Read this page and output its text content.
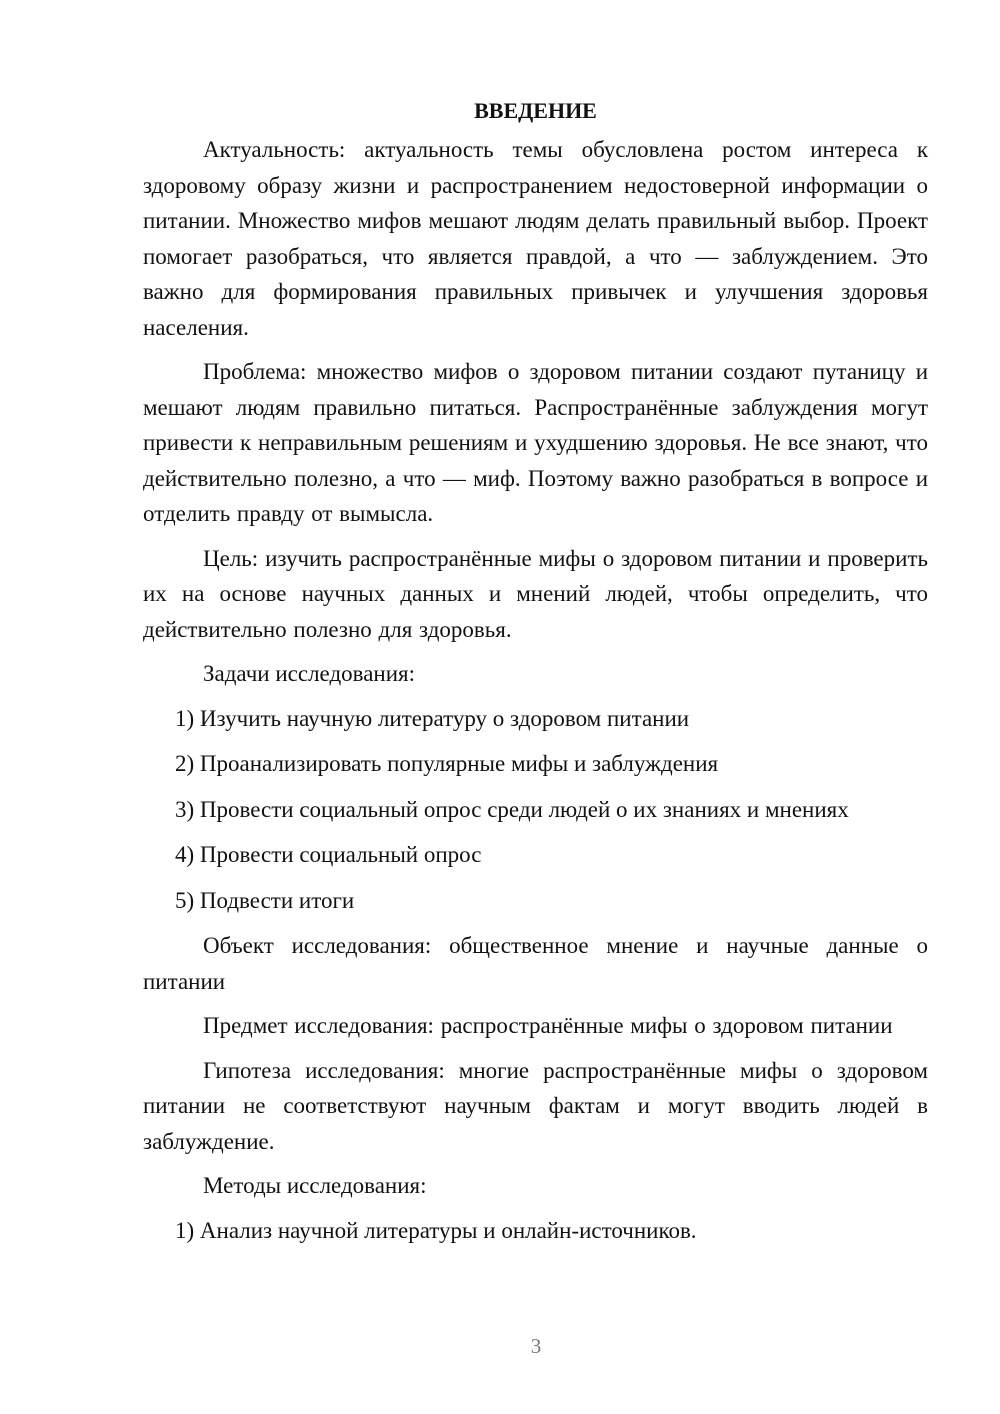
ВВЕДЕНИЕ

Актуальность: актуальность темы обусловлена ростом интереса к здоровому образу жизни и распространением недостоверной информации о питании. Множество мифов мешают людям делать правильный выбор. Проект помогает разобраться, что является правдой, а что — заблуждением. Это важно для формирования правильных привычек и улучшения здоровья населения.

Проблема: множество мифов о здоровом питании создают путаницу и мешают людям правильно питаться. Распространённые заблуждения могут привести к неправильным решениям и ухудшению здоровья. Не все знают, что действительно полезно, а что — миф. Поэтому важно разобраться в вопросе и отделить правду от вымысла.

Цель: изучить распространённые мифы о здоровом питании и проверить их на основе научных данных и мнений людей, чтобы определить, что действительно полезно для здоровья.

Задачи исследования:

1) Изучить научную литературу о здоровом питании
2) Проанализировать популярные мифы и заблуждения
3) Провести социальный опрос среди людей о их знаниях и мнениях
4) Провести социальный опрос
5) Подвести итоги

Объект исследования: общественное мнение и научные данные о питании

Предмет исследования: распространённые мифы о здоровом питании

Гипотеза исследования: многие распространённые мифы о здоровом питании не соответствуют научным фактам и могут вводить людей в заблуждение.

Методы исследования:

1) Анализ научной литературы и онлайн-источников.
3
